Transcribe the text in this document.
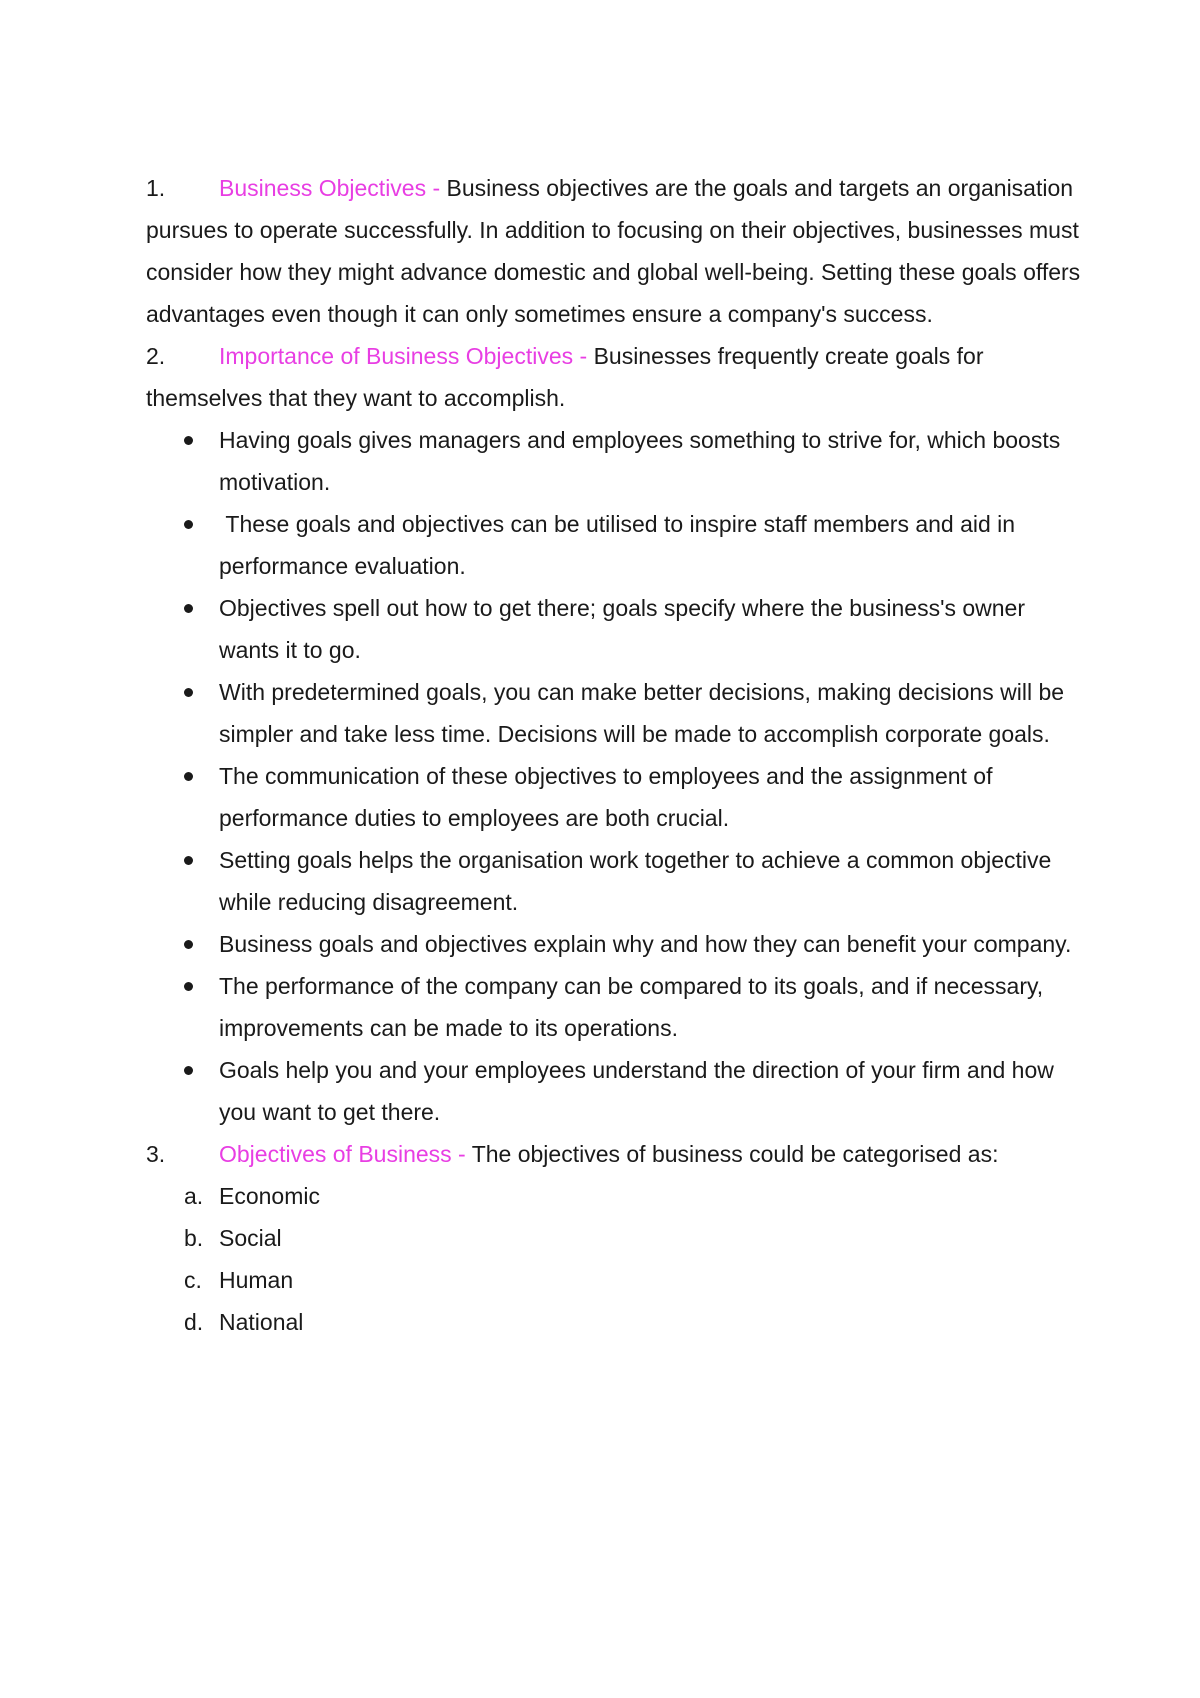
1. Business Objectives - Business objectives are the goals and targets an organisation pursues to operate successfully. In addition to focusing on their objectives, businesses must consider how they might advance domestic and global well-being. Setting these goals offers advantages even though it can only sometimes ensure a company's success.

2. Importance of Business Objectives - Businesses frequently create goals for themselves that they want to accomplish.

Having goals gives managers and employees something to strive for, which boosts motivation.
These goals and objectives can be utilised to inspire staff members and aid in performance evaluation.
Objectives spell out how to get there; goals specify where the business's owner wants it to go.
With predetermined goals, you can make better decisions, making decisions will be simpler and take less time. Decisions will be made to accomplish corporate goals.
The communication of these objectives to employees and the assignment of performance duties to employees are both crucial.
Setting goals helps the organisation work together to achieve a common objective while reducing disagreement.
Business goals and objectives explain why and how they can benefit your company.
The performance of the company can be compared to its goals, and if necessary, improvements can be made to its operations.
Goals help you and your employees understand the direction of your firm and how you want to get there.

3. Objectives of Business - The objectives of business could be categorised as:

a. Economic
b. Social
c. Human
d. National
